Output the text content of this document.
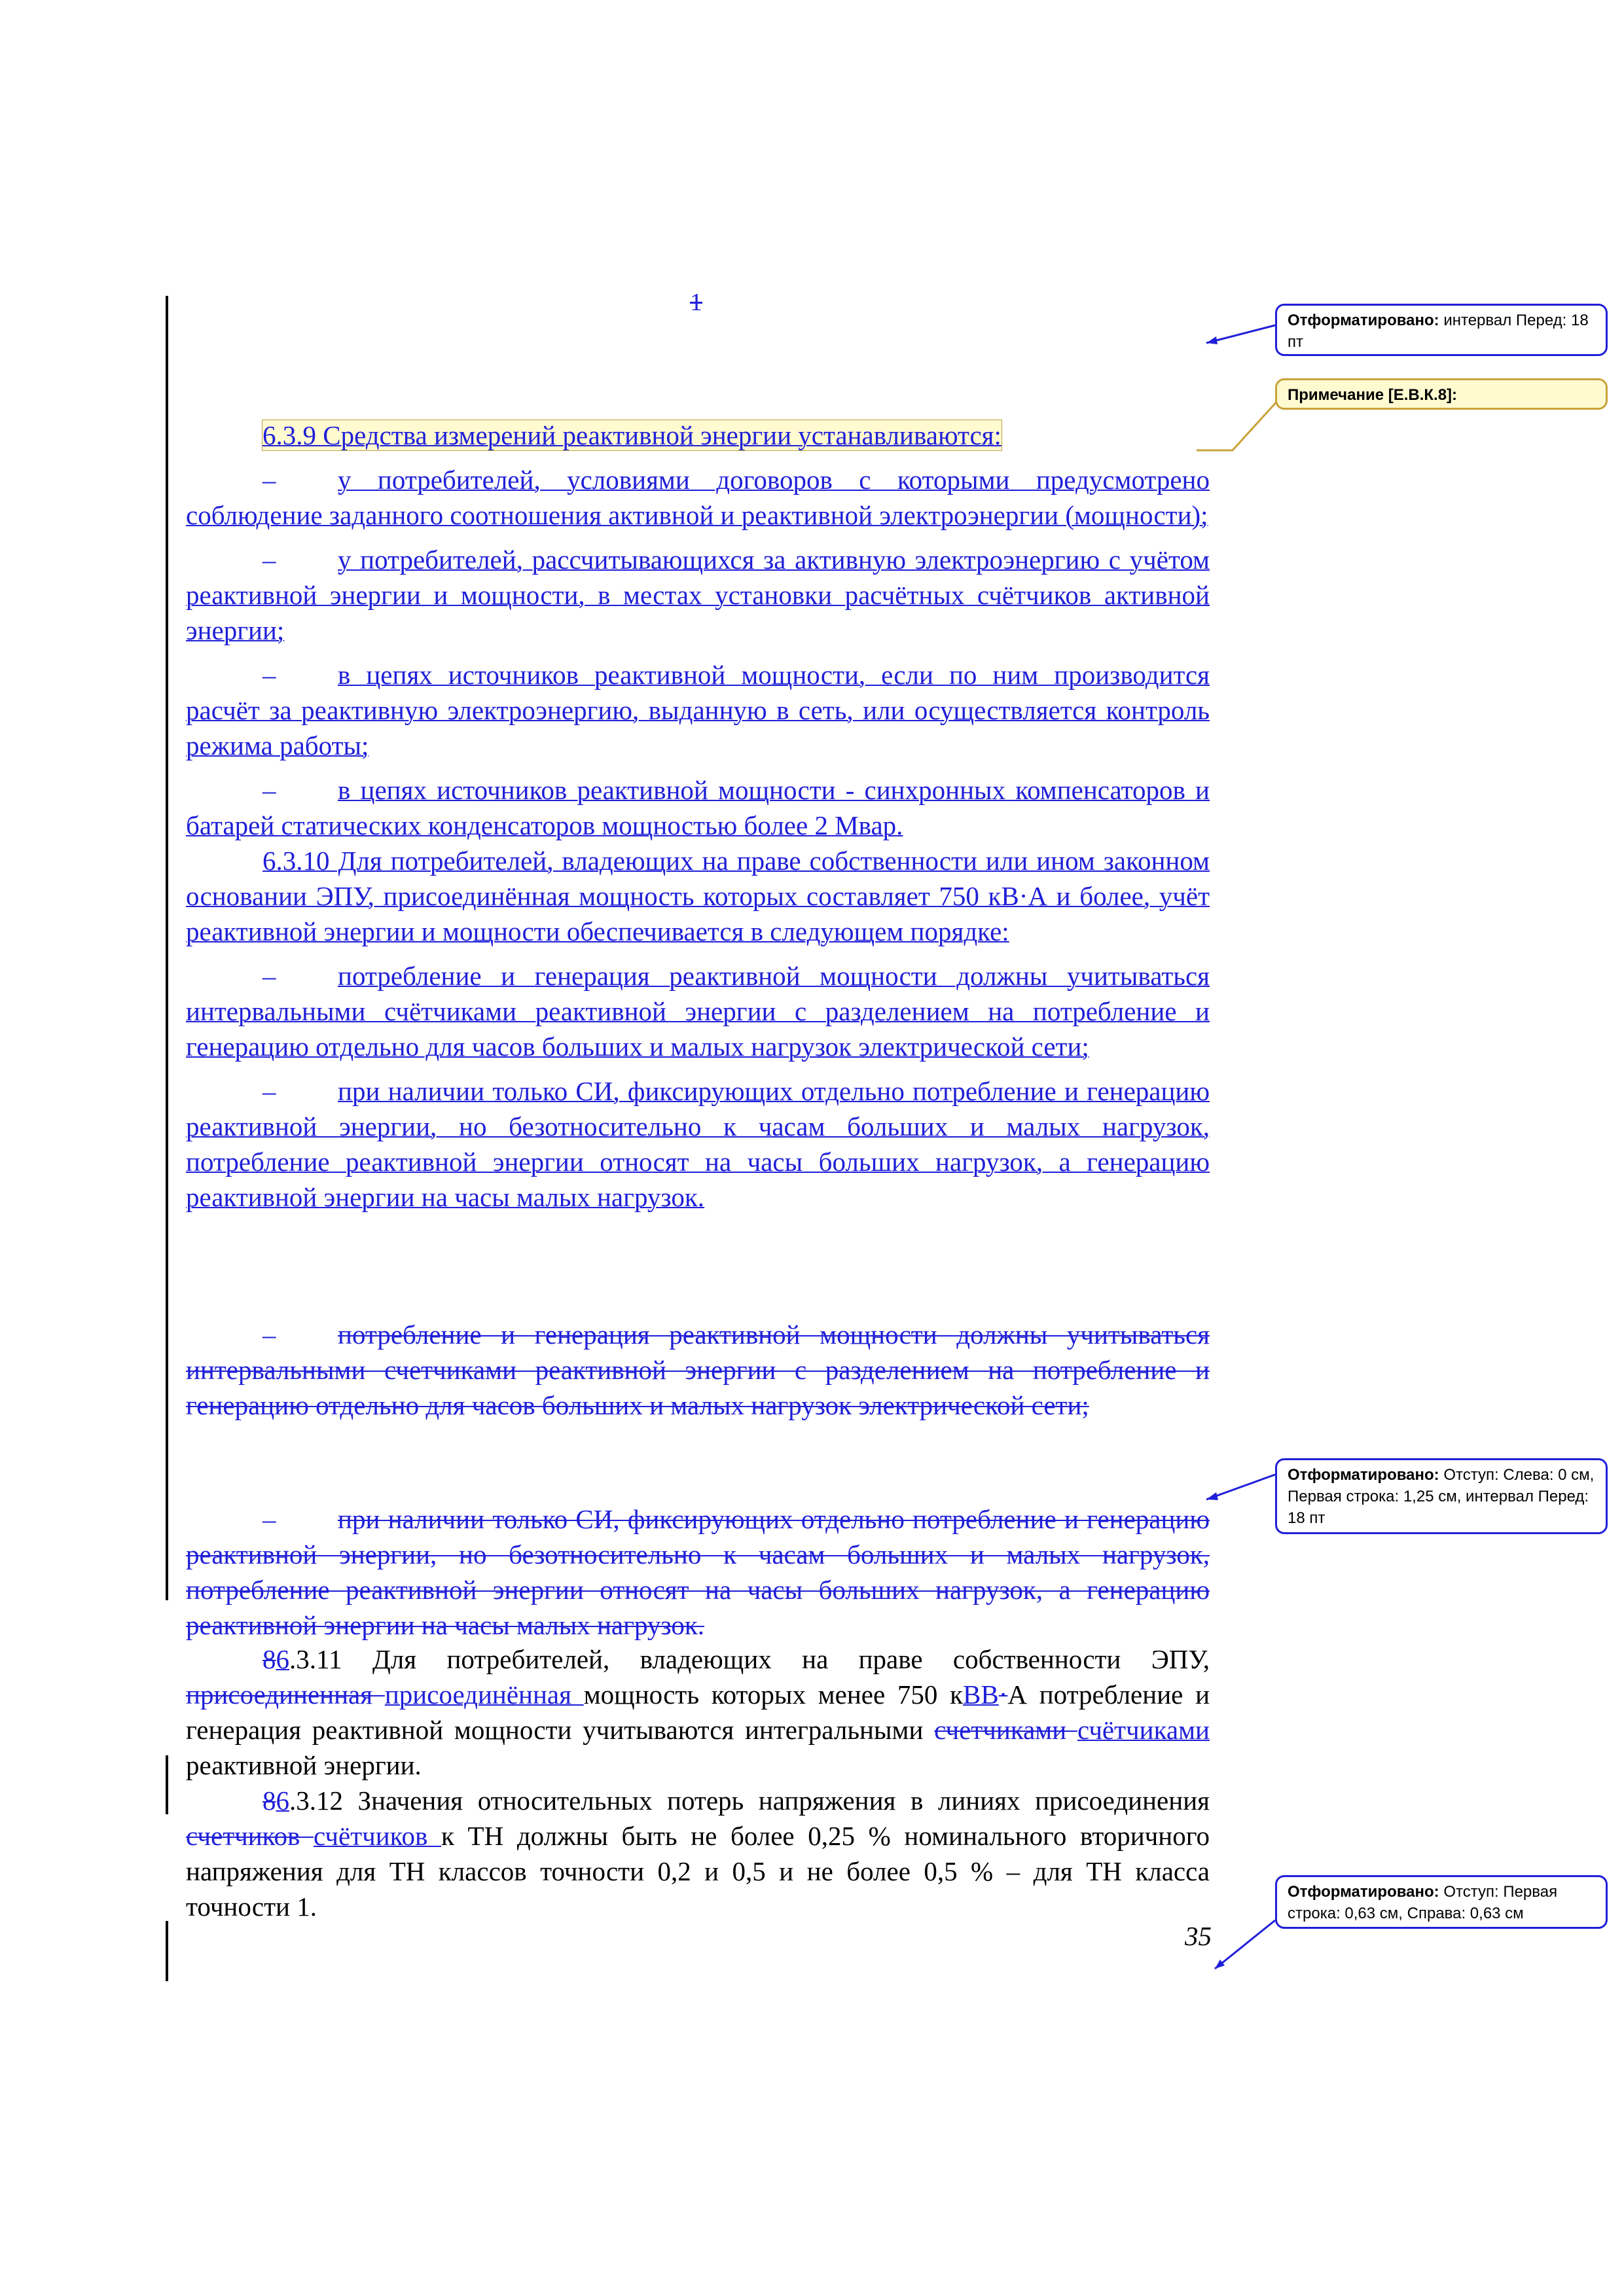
1

6.3.9 Средства измерений реактивной энергии устанавливаются:

– у потребителей, условиями договоров с которыми предусмотрено соблюдение заданного соотношения активной и реактивной электроэнергии (мощности);

– у потребителей, рассчитывающихся за активную электроэнергию с учётом реактивной энергии и мощности, в местах установки расчётных счётчиков активной энергии;

– в цепях источников реактивной мощности, если по ним производится расчёт за реактивную электроэнергию, выданную в сеть, или осуществляется контроль режима работы;

– в цепях источников реактивной мощности - синхронных компенсаторов и батарей статических конденсаторов мощностью более 2 Мвар.

6.3.10 Для потребителей, владеющих на праве собственности или ином законном основании ЭПУ, присоединённая мощность которых составляет 750 кВ·А и более, учёт реактивной энергии и мощности обеспечивается в следующем порядке:

– потребление и генерация реактивной мощности должны учитываться интервальными счётчиками реактивной энергии с разделением на потребление и генерацию отдельно для часов больших и малых нагрузок электрической сети;

– при наличии только СИ, фиксирующих отдельно потребление и генерацию реактивной энергии, но безотносительно к часам больших и малых нагрузок, потребление реактивной энергии относят на часы больших нагрузок, а генерацию реактивной энергии на часы малых нагрузок.

– потребление и генерация реактивной мощности должны учитываться интервальными счетчиками реактивной энергии с разделением на потребление и генерацию отдельно для часов больших и малых нагрузок электрической сети;

– при наличии только СИ, фиксирующих отдельно потребление и генерацию реактивной энергии, но безотносительно к часам больших и малых нагрузок, потребление реактивной энергии относят на часы больших нагрузок, а генерацию реактивной энергии на часы малых нагрузок.

86.3.11 Для потребителей, владеющих на праве собственности ЭПУ, присоединенная присоединённая мощность которых менее 750 кВВ·А потребление и генерация реактивной мощности учитываются интегральными счетчиками счётчиками реактивной энергии.

86.3.12 Значения относительных потерь напряжения в линиях присоединения счетчиков счётчиков к ТН должны быть не более 0,25 % номинального вторичного напряжения для ТН классов точности 0,2 и 0,5 и не более 0,5 % – для ТН класса точности 1.

35
Отформатировано: интервал Перед: 18 пт
Примечание [Е.В.К.8]:
Отформатировано: Отступ: Слева: 0 см, Первая строка: 1,25 см, интервал Перед: 18 пт
Отформатировано: Отступ: Первая строка: 0,63 см, Справа: 0,63 см
